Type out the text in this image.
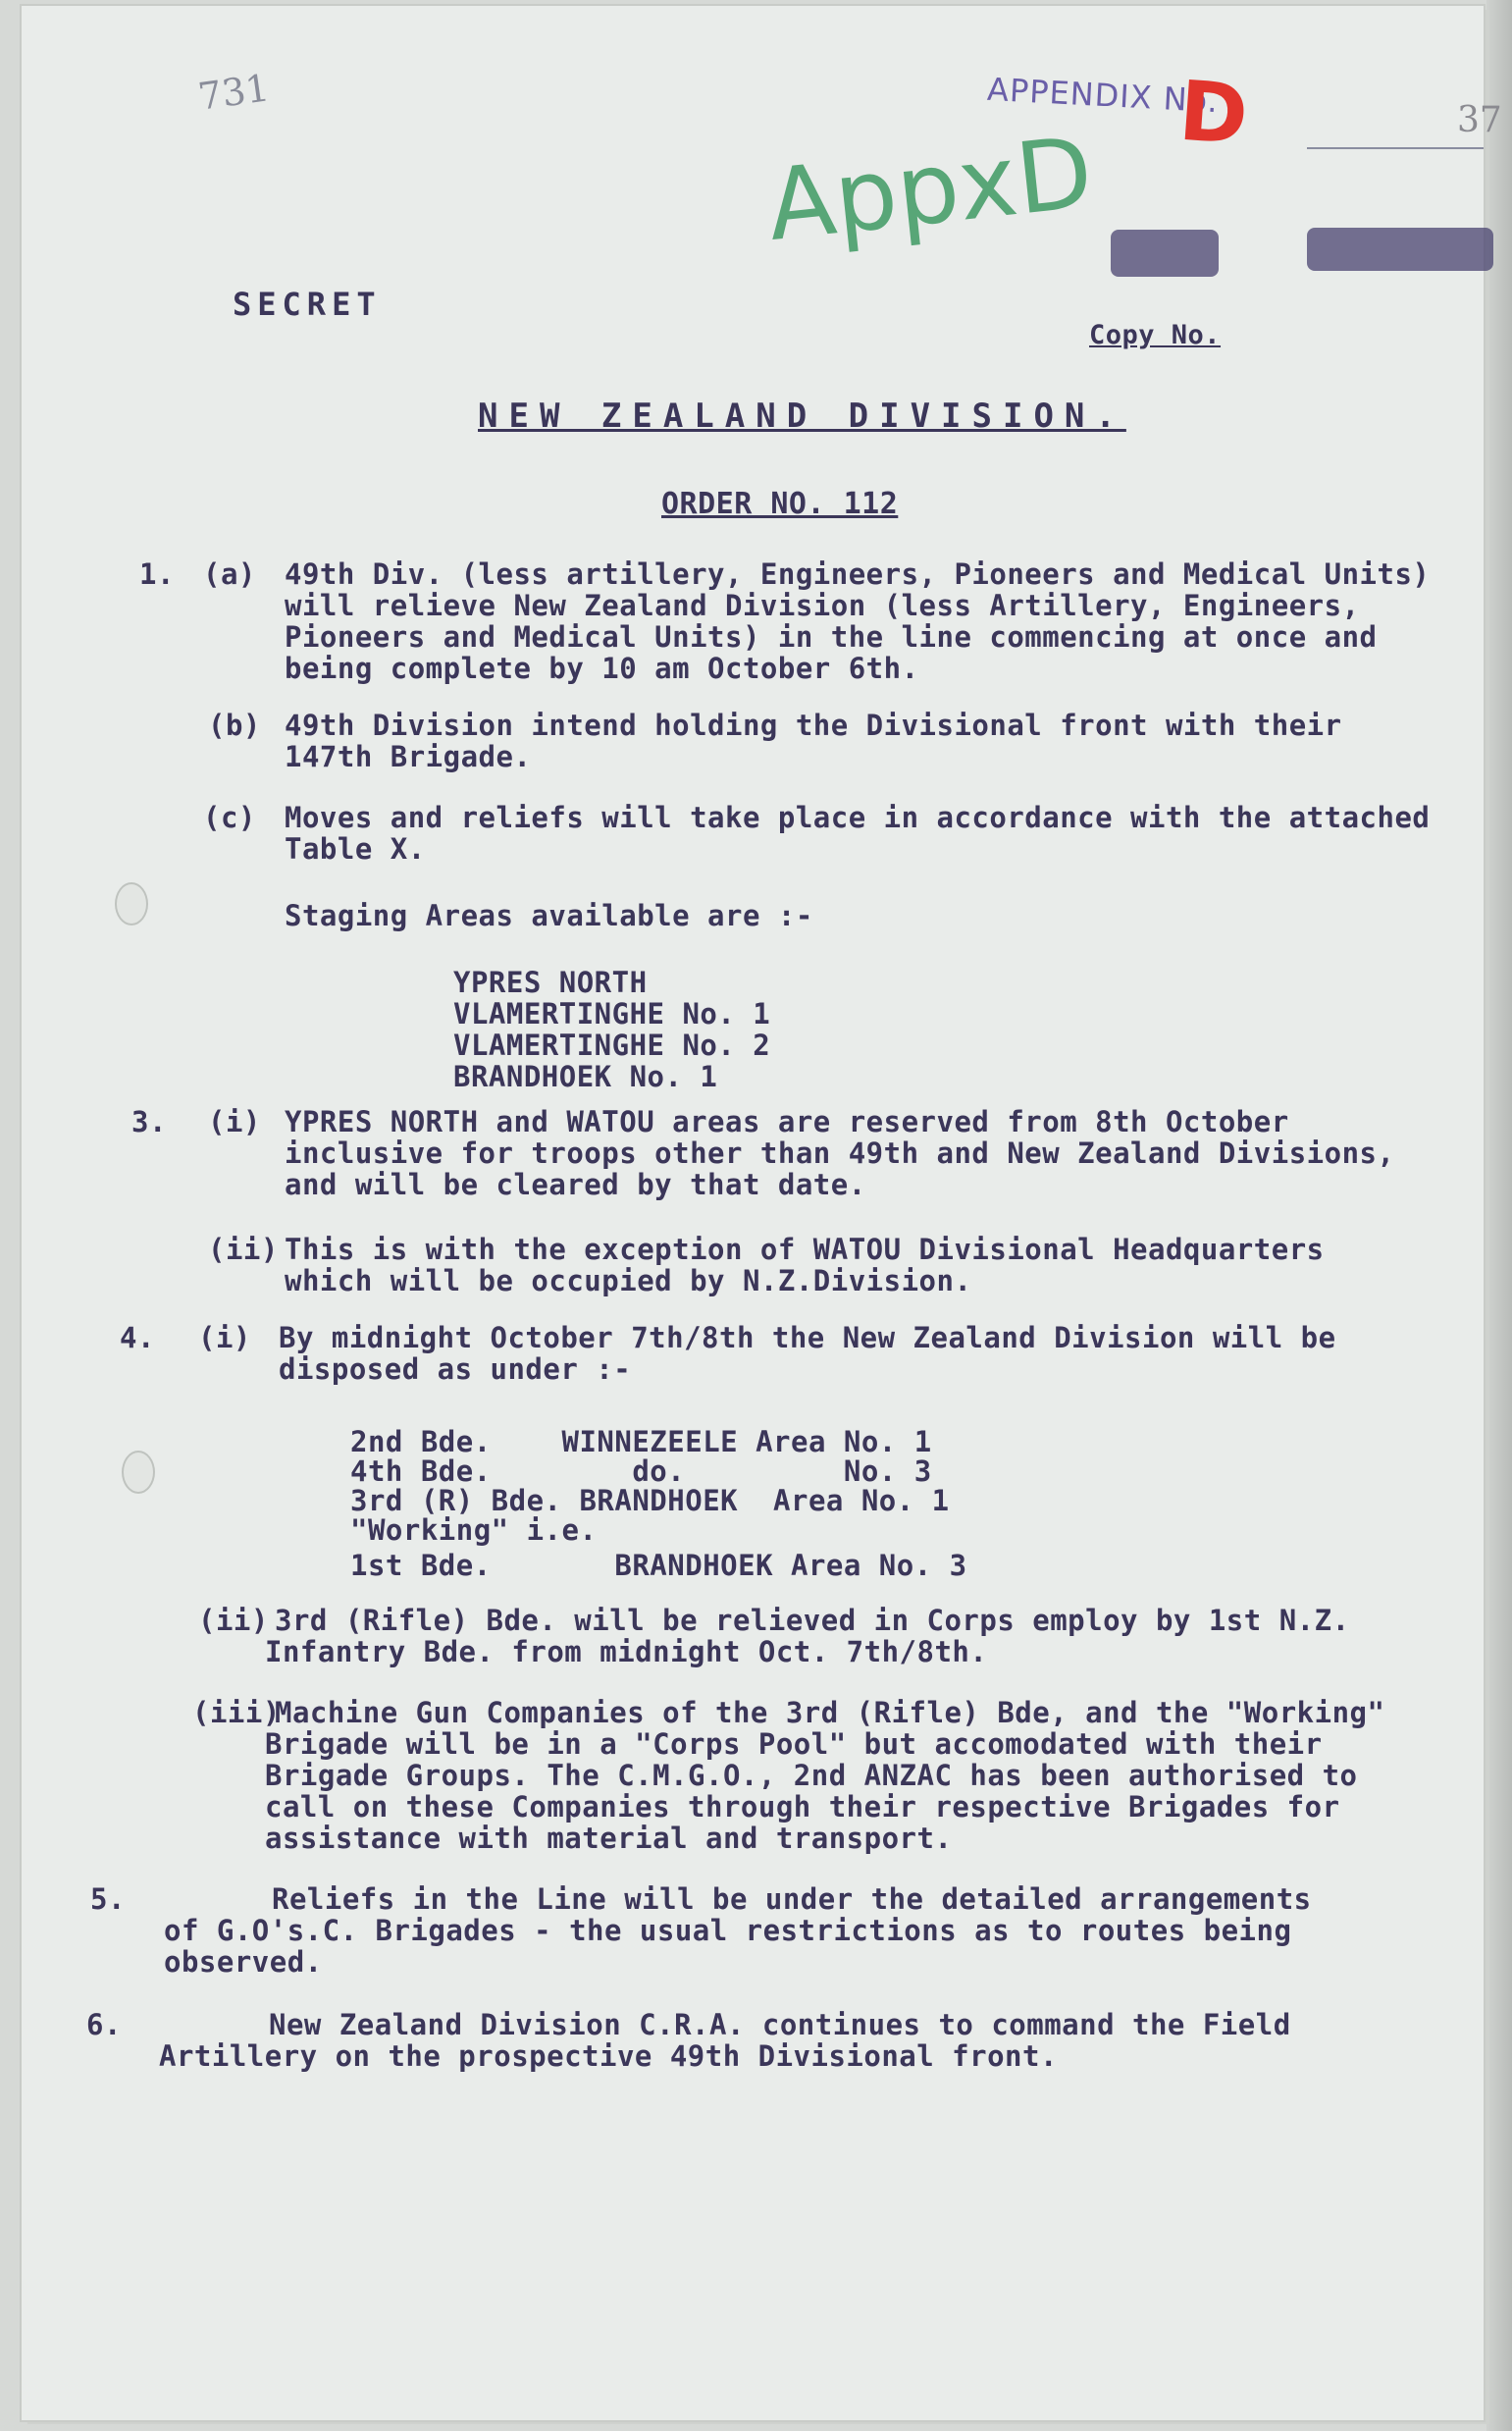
731
37
APPENDIX No.
D
AppxD
SECRET
Copy No.
NEW ZEALAND DIVISION.
ORDER NO. 112
1. (a) 49th Div. (less artillery, Engineers, Pioneers and Medical Units)
will relieve New Zealand Division (less Artillery, Engineers,
Pioneers and Medical Units) in the line commencing at once and
being complete by 10 am October 6th.
(b) 49th Division intend holding the Divisional front with their
147th Brigade.
(c) Moves and reliefs will take place in accordance with the attached
Table X.
Staging Areas available are :-
YPRES NORTH
VLAMERTINGHE No. 1
VLAMERTINGHE No. 2
BRANDHOEK No. 1
3. (i) YPRES NORTH and WATOU areas are reserved from 8th October
inclusive for troops other than 49th and New Zealand Divisions,
and will be cleared by that date.
(ii) This is with the exception of WATOU Divisional Headquarters
which will be occupied by N.Z.Division.
4. (i) By midnight October 7th/8th the New Zealand Division will be
disposed as under :-
2nd Bde.    WINNEZEELE Area No. 1
4th Bde.        do.         No. 3
3rd (R) Bde. BRANDHOEK  Area No. 1
"Working" i.e.
1st Bde.       BRANDHOEK Area No. 3
(ii) 3rd (Rifle) Bde. will be relieved in Corps employ by 1st N.Z.
Infantry Bde. from midnight Oct. 7th/8th.
(iii)
Machine Gun Companies of the 3rd (Rifle) Bde, and the "Working"
Brigade will be in a "Corps Pool" but accomodated with their
Brigade Groups. The C.M.G.O., 2nd ANZAC has been authorised to
call on these Companies through their respective Brigades for
assistance with material and transport.
5.	Reliefs in the Line will be under the detailed arrangements
of G.O's.C. Brigades - the usual restrictions as to routes being
observed.
6.	New Zealand Division C.R.A. continues to command the Field
Artillery on the prospective 49th Divisional front.
